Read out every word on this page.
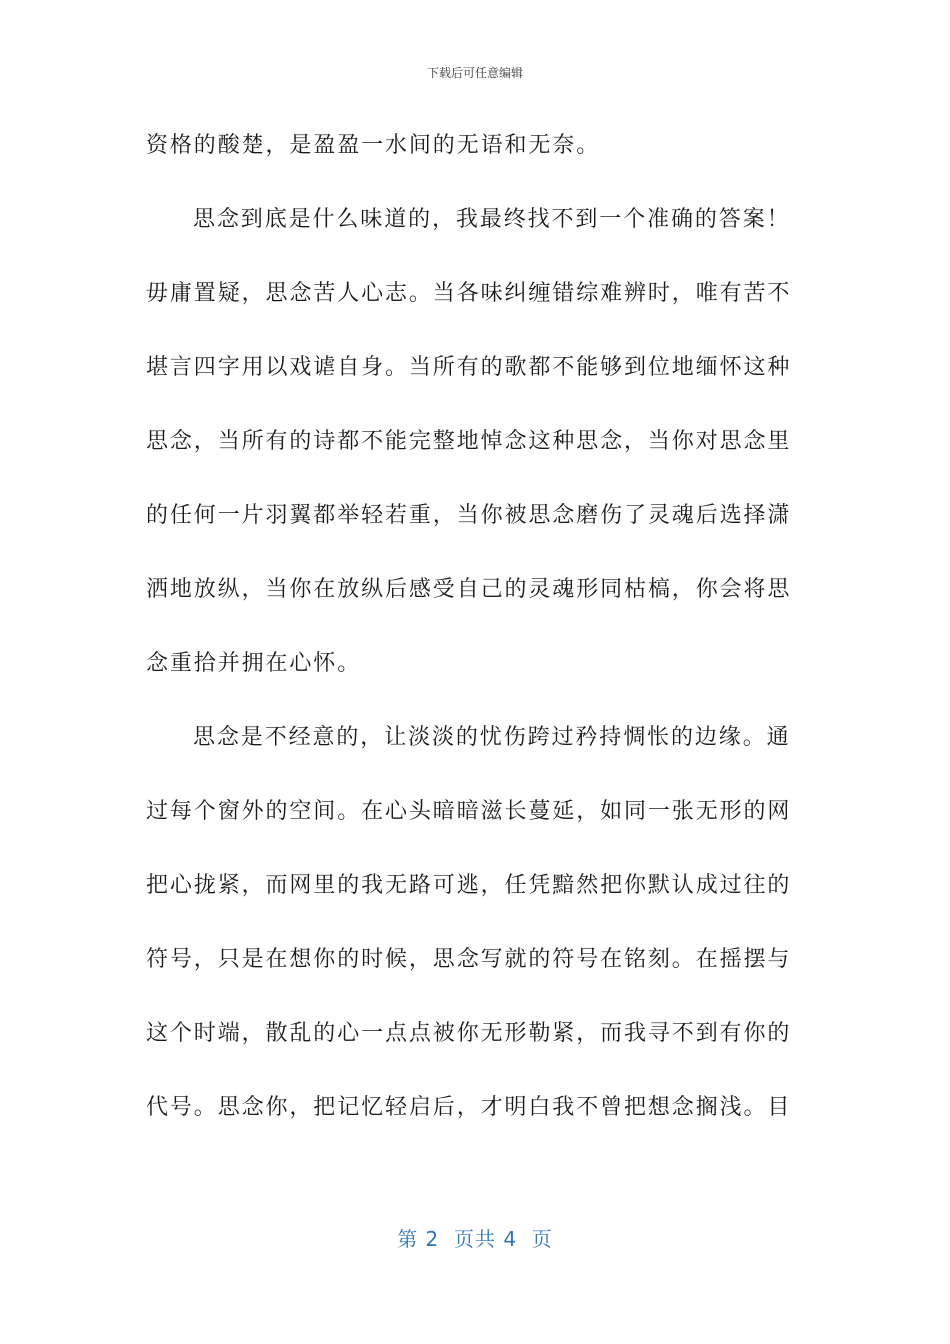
下载后可任意编辑
资格的酸楚，是盈盈一水间的无语和无奈。
思念到底是什么味道的，我最终找不到一个准确的答案！
毋庸置疑，思念苦人心志。当各味纠缠错综难辨时，唯有苦不
堪言四字用以戏谑自身。当所有的歌都不能够到位地缅怀这种
思念，当所有的诗都不能完整地悼念这种思念，当你对思念里
的任何一片羽翼都举轻若重，当你被思念磨伤了灵魂后选择潇
洒地放纵，当你在放纵后感受自己的灵魂形同枯槁，你会将思
念重拾并拥在心怀。
思念是不经意的，让淡淡的忧伤跨过矜持惆怅的边缘。通
过每个窗外的空间。在心头暗暗滋长蔓延，如同一张无形的网
把心拢紧，而网里的我无路可逃，任凭黯然把你默认成过往的
符号，只是在想你的时候，思念写就的符号在铭刻。在摇摆与
这个时端，散乱的心一点点被你无形勒紧，而我寻不到有你的
代号。思念你，把记忆轻启后，才明白我不曾把想念搁浅。目
第 2  页共 4  页
